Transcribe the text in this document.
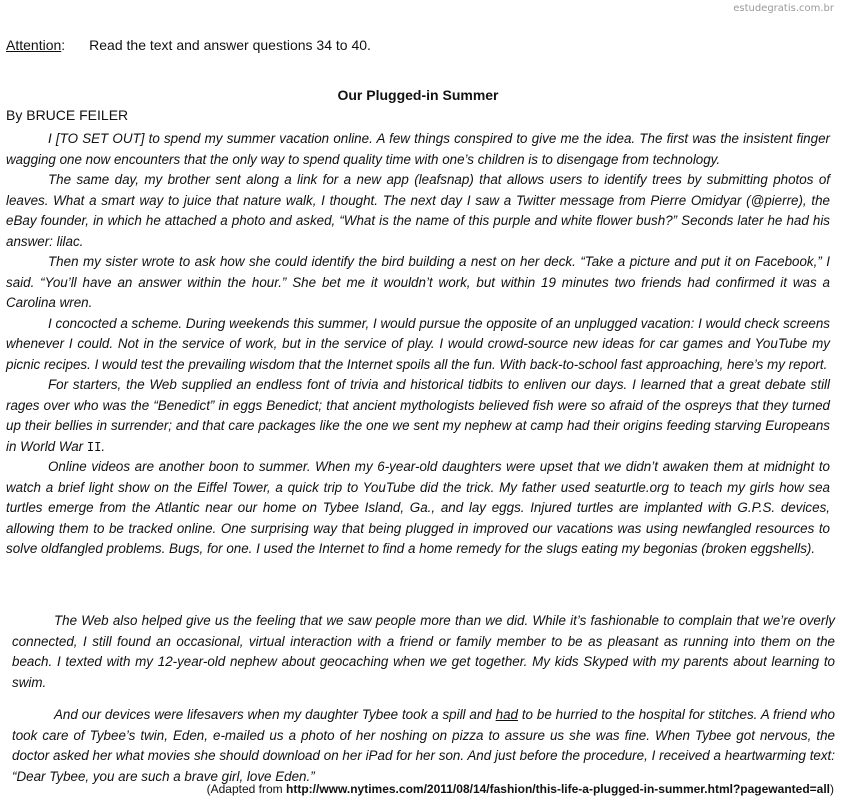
estudegratis.com.br
Attention: Read the text and answer questions 34 to 40.
Our Plugged-in Summer
By BRUCE FEILER

I [TO SET OUT] to spend my summer vacation online. A few things conspired to give me the idea. The first was the insistent finger wagging one now encounters that the only way to spend quality time with one’s children is to disengage from technology.

The same day, my brother sent along a link for a new app (leafsnap) that allows users to identify trees by submitting photos of leaves. What a smart way to juice that nature walk, I thought. The next day I saw a Twitter message from Pierre Omidyar (@pierre), the eBay founder, in which he attached a photo and asked, “What is the name of this purple and white flower bush?” Seconds later he had his answer: lilac.

Then my sister wrote to ask how she could identify the bird building a nest on her deck. “Take a picture and put it on Facebook,” I said. “You’ll have an answer within the hour.” She bet me it wouldn’t work, but within 19 minutes two friends had confirmed it was a Carolina wren.

I concocted a scheme. During weekends this summer, I would pursue the opposite of an unplugged vacation: I would check screens whenever I could. Not in the service of work, but in the service of play. I would crowd-source new ideas for car games and YouTube my picnic recipes. I would test the prevailing wisdom that the Internet spoils all the fun. With back-to-school fast approaching, here’s my report.

For starters, the Web supplied an endless font of trivia and historical tidbits to enliven our days. I learned that a great debate still rages over who was the “Benedict” in eggs Benedict; that ancient mythologists believed fish were so afraid of the ospreys that they turned up their bellies in surrender; and that care packages like the one we sent my nephew at camp had their origins feeding starving Europeans in World War II.

Online videos are another boon to summer. When my 6-year-old daughters were upset that we didn’t awaken them at midnight to watch a brief light show on the Eiffel Tower, a quick trip to YouTube did the trick. My father used seaturtle.org to teach my girls how sea turtles emerge from the Atlantic near our home on Tybee Island, Ga., and lay eggs. Injured turtles are implanted with G.P.S. devices, allowing them to be tracked online. One surprising way that being plugged in improved our vacations was using newfangled resources to solve oldfangled problems. Bugs, for one. I used the Internet to find a home remedy for the slugs eating my begonias (broken eggshells).

The Web also helped give us the feeling that we saw people more than we did. While it’s fashionable to complain that we’re overly connected, I still found an occasional, virtual interaction with a friend or family member to be as pleasant as running into them on the beach. I texted with my 12-year-old nephew about geocaching when we get together. My kids Skyped with my parents about learning to swim.

And our devices were lifesavers when my daughter Tybee took a spill and had to be hurried to the hospital for stitches. A friend who took care of Tybee’s twin, Eden, e-mailed us a photo of her noshing on pizza to assure us she was fine. When Tybee got nervous, the doctor asked her what movies she should download on her iPad for her son. And just before the procedure, I received a heartwarming text: “Dear Tybee, you are such a brave girl, love Eden.”

(Adapted from http://www.nytimes.com/2011/08/14/fashion/this-life-a-plugged-in-summer.html?pagewanted=all)
